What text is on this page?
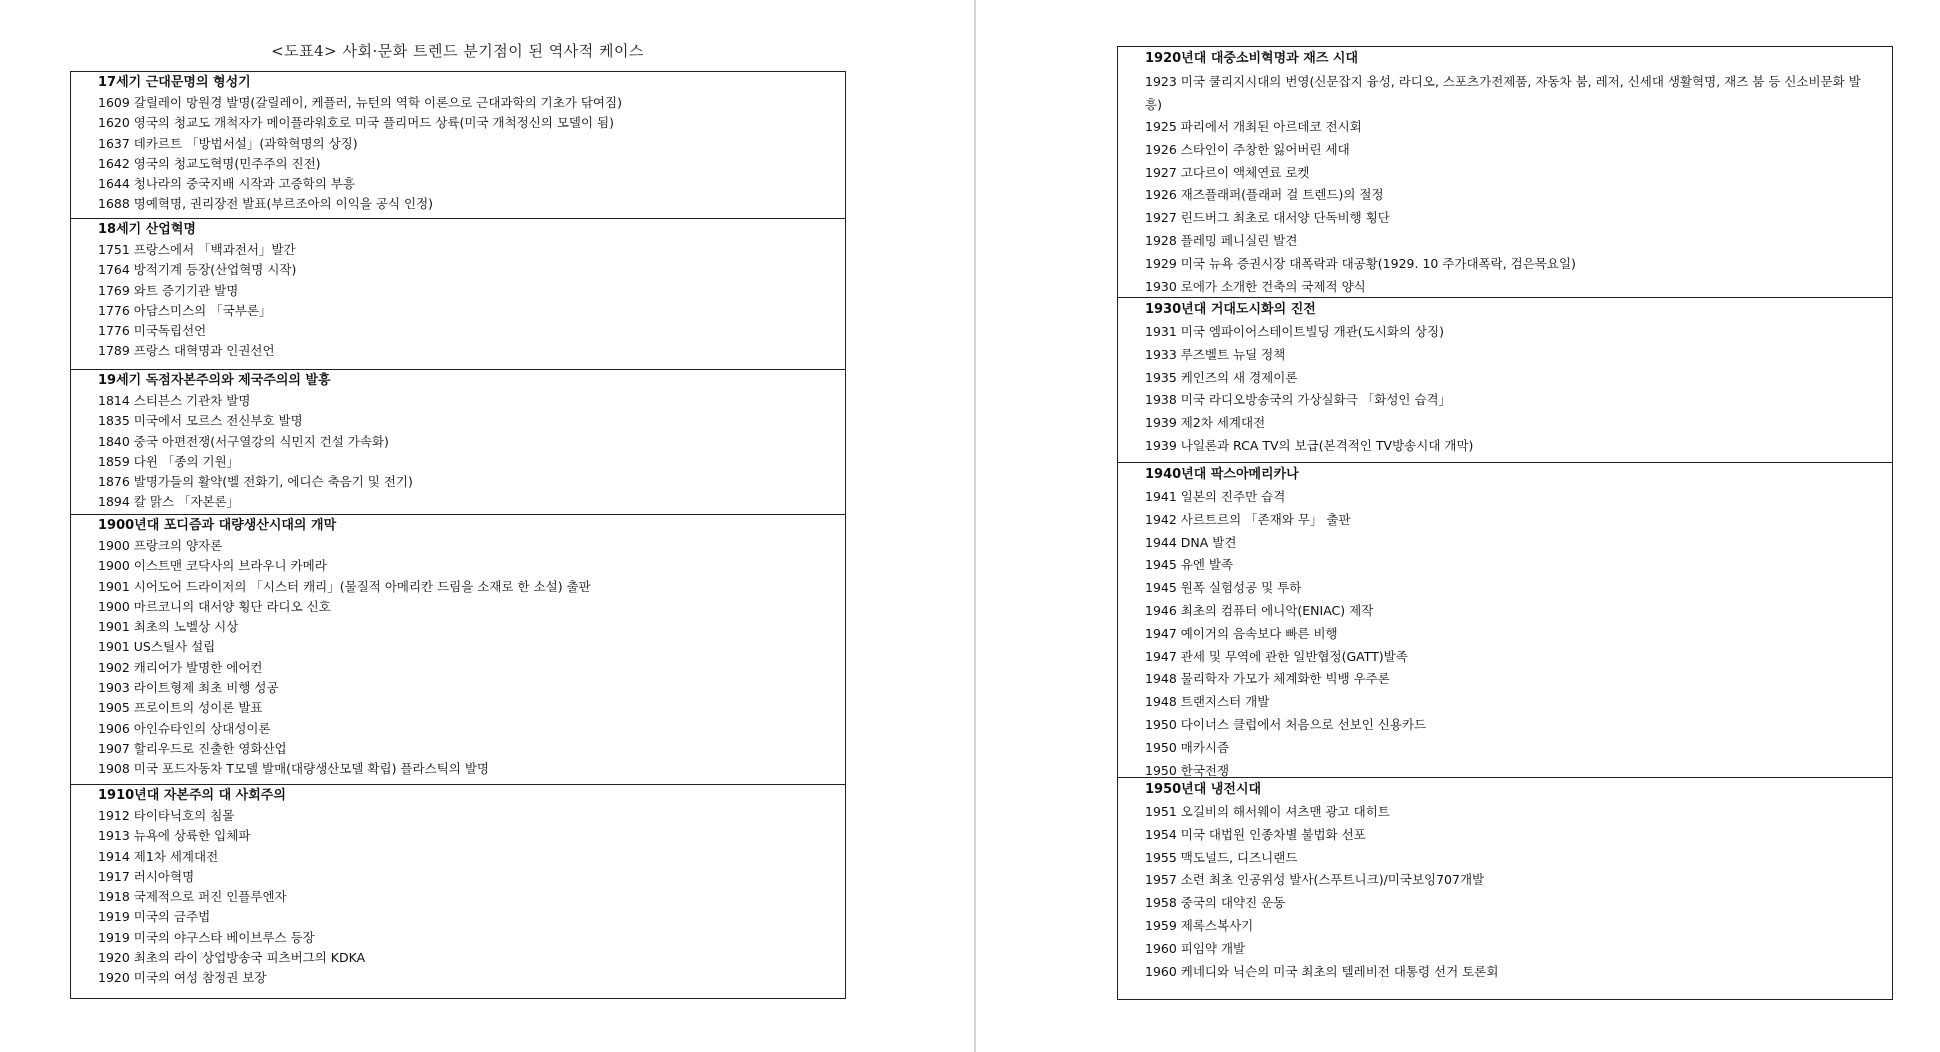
<도표4> 사회·문화 트렌드 분기점이 된 역사적 케이스
17세기 근대문명의 형성기
1609 갈릴레이 망원경 발명(갈릴레이, 케플러, 뉴턴의 역학 이론으로 근대과학의 기초가 닦여짐)
1620 영국의 청교도 개척자가 메이플라워호로 미국 플리머드 상륙(미국 개척정신의 모델이 됨)
1637 데카르트 「방법서설」(과학혁명의 상징)
1642 영국의 청교도혁명(민주주의 진전)
1644 청나라의 중국지배 시작과 고증학의 부흥
1688 명예혁명, 권리장전 발표(부르조아의 이익을 공식 인정)
18세기 산업혁명
1751 프랑스에서 「백과전서」발간
1764 방적기계 등장(산업혁명 시작)
1769 와트 증기기관 발명
1776 아담스미스의 「국부론」
1776 미국독립선언
1789 프랑스 대혁명과 인권선언
19세기 독점자본주의와 제국주의의 발흥
1814 스티븐스 기관차 발명
1835 미국에서 모르스 전신부호 발명
1840 중국 아편전쟁(서구열강의 식민지 건설 가속화)
1859 다윈 「종의 기원」
1876 발명가들의 활약(벨 전화기, 에디슨 축음기 및 전기)
1894 칼 맑스 「자본론」
1900년대 포디즘과 대량생산시대의 개막
1900 프랑크의 양자론
1900 이스트맨 코닥사의 브라우니 카메라
1901 시어도어 드라이저의 「시스터 캐리」(물질적 아메리칸 드림을 소재로 한 소설) 출판
1900 마르코니의 대서양 횡단 라디오 신호
1901 최초의 노벨상 시상
1901 US스틸사 설립
1902 캐리어가 발명한 에어컨
1903 라이트형제 최초 비행 성공
1905 프로이트의 성이론 발표
1906 아인슈타인의 상대성이론
1907 할리우드로 진출한 영화산업
1908 미국 포드자동차 T모델 발매(대량생산모델 확립) 플라스틱의 발명
1910년대 자본주의 대 사회주의
1912 타이타닉호의 침몰
1913 뉴욕에 상륙한 입체파
1914 제1차 세계대전
1917 러시아혁명
1918 국제적으로 퍼진 인플루엔자
1919 미국의 금주법
1919 미국의 야구스타 베이브루스 등장
1920 최초의 라이 상업방송국 피츠버그의 KDKA
1920 미국의 여성 참정권 보장
1920년대 대중소비혁명과 재즈 시대
1923 미국 쿨리지시대의 번영(신문잡지 융성, 라디오, 스포츠가전제품, 자동차 붐, 레저, 신세대 생활혁명, 재즈 붐 등 신소비문화 발흥)
1925 파리에서 개최된 아르데코 전시회
1926 스타인이 주창한 잃어버린 세대
1927 고다르이 액체연료 로켓
1926 재즈플래퍼(플래퍼 걸 트렌드)의 절정
1927 린드버그 최초로 대서양 단독비행 횡단
1928 플레밍 페니실린 발견
1929 미국 뉴욕 증권시장 대폭락과 대공황(1929. 10 주가대폭락, 검은목요일)
1930 로에가 소개한 건축의 국제적 양식
1930년대 거대도시화의 진전
1931 미국 엠파이어스테이트빌딩 개관(도시화의 상징)
1933 루즈벨트 뉴딜 정책
1935 케인즈의 새 경제이론
1938 미국 라디오방송국의 가상실화극 「화성인 습격」
1939 제2차 세계대전
1939 나일론과 RCA TV의 보급(본격적인 TV방송시대 개막)
1940년대 팍스아메리카나
1941 일본의 진주만 습격
1942 사르트르의 「존재와 무」 출판
1944 DNA 발견
1945 유엔 발족
1945 원폭 실험성공 및 투하
1946 최초의 컴퓨터 에니악(ENIAC) 제작
1947 예이거의 음속보다 빠른 비행
1947 관세 및 무역에 관한 일반협정(GATT)발족
1948 물리학자 가모가 체계화한 빅뱅 우주론
1948 트랜지스터 개발
1950 다이너스 클럽에서 처음으로 선보인 신용카드
1950 매카시즘
1950 한국전쟁
1950년대 냉전시대
1951 오길비의 해서웨이 셔츠맨 광고 대히트
1954 미국 대법원 인종차별 불법화 선포
1955 맥도널드, 디즈니랜드
1957 소련 최초 인공위성 발사(스푸트니크)/미국보잉707개발
1958 중국의 대약진 운동
1959 제록스복사기
1960 피임약 개발
1960 케네디와 닉슨의 미국 최초의 텔레비전 대통령 선거 토론회
